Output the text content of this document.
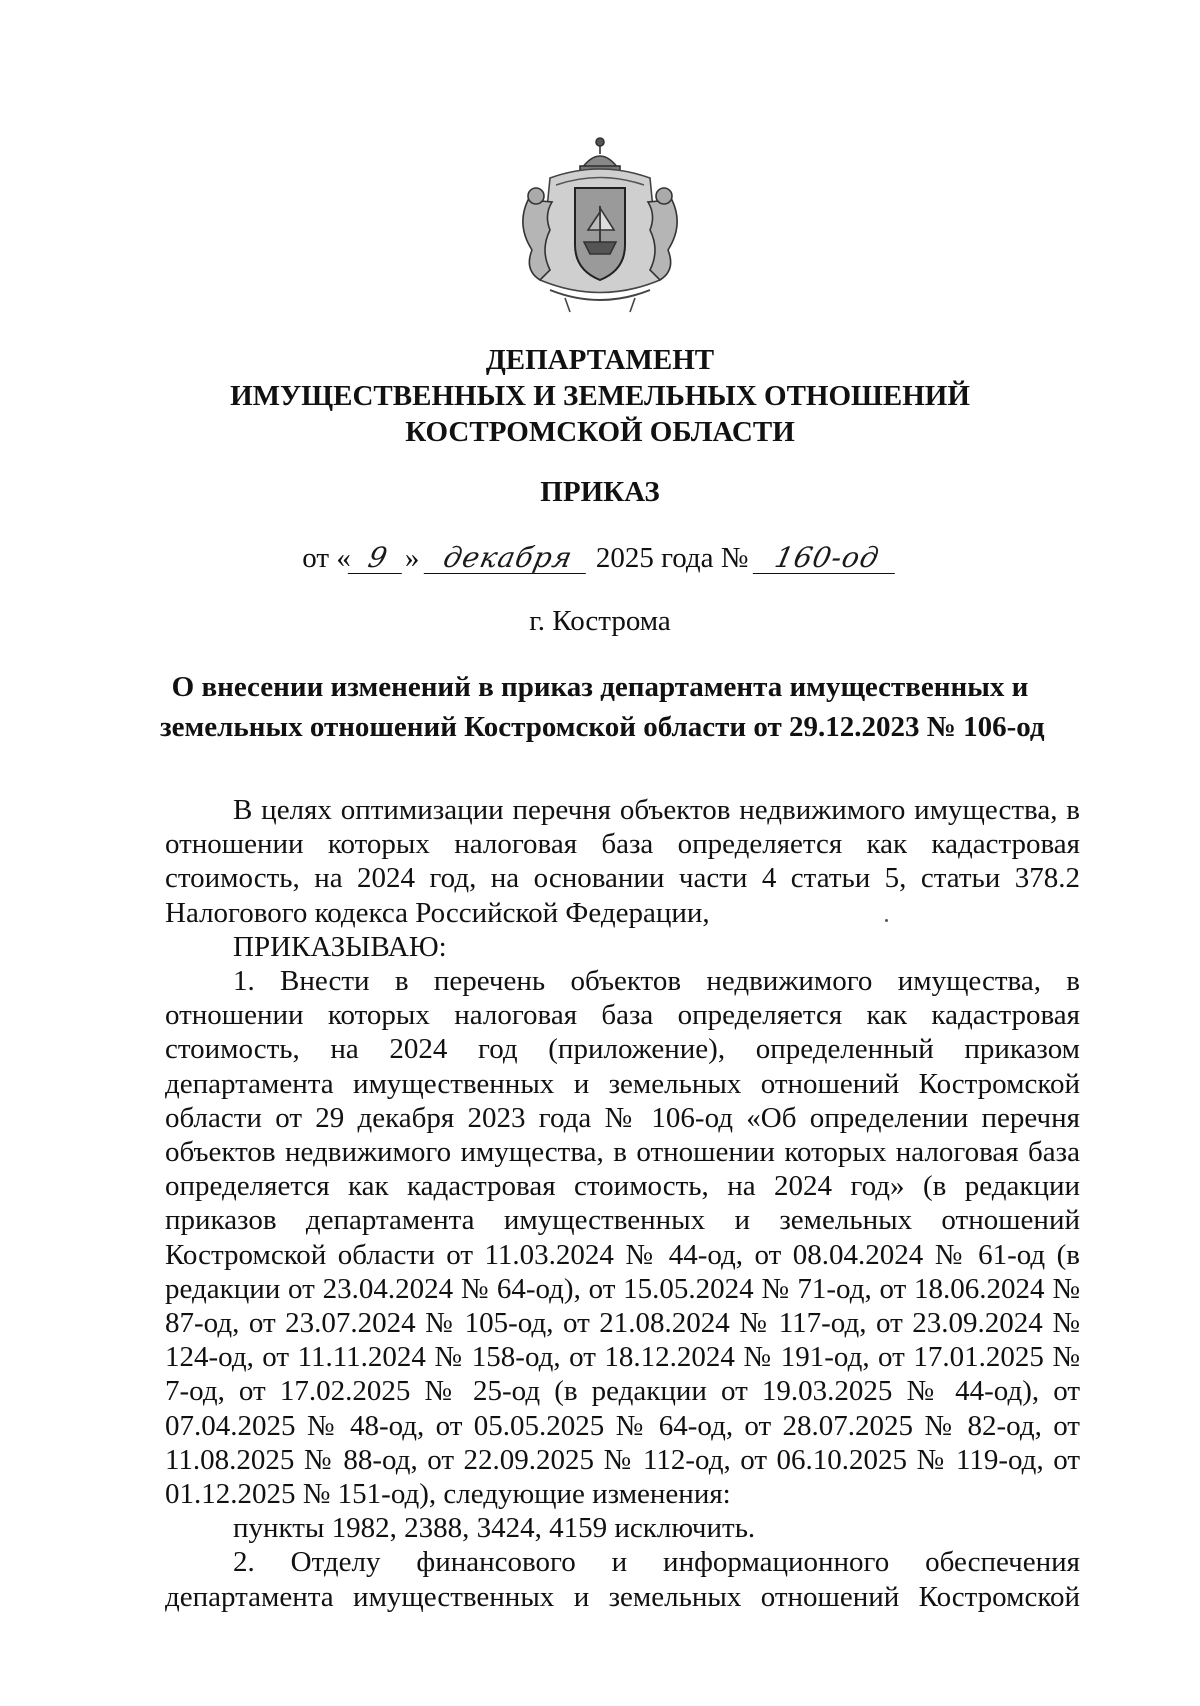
ДЕПАРТАМЕНТ
ИМУЩЕСТВЕННЫХ И ЗЕМЕЛЬНЫХ ОТНОШЕНИЙ
КОСТРОМСКОЙ ОБЛАСТИ
ПРИКАЗ
от « 9 » декабря 2025 года № 160-од
г. Кострома
О внесении изменений в приказ департамента имущественных и
земельных отношений Костромской области от 29.12.2023 № 106-од
В целях оптимизации перечня объектов недвижимого имущества, в отношении которых налоговая база определяется как кадастровая стоимость, на 2024 год, на основании части 4 статьи 5, статьи 378.2 Налогового кодекса Российской Федерации,
ПРИКАЗЫВАЮ:
1. Внести в перечень объектов недвижимого имущества, в отношении которых налоговая база определяется как кадастровая стоимость, на 2024 год (приложение), определенный приказом департамента имущественных и земельных отношений Костромской области от 29 декабря 2023 года № 106-од «Об определении перечня объектов недвижимого имущества, в отношении которых налоговая база определяется как кадастровая стоимость, на 2024 год» (в редакции приказов департамента имущественных и земельных отношений Костромской области от 11.03.2024 № 44-од, от 08.04.2024 № 61-од (в редакции от 23.04.2024 № 64-од), от 15.05.2024 № 71-од, от 18.06.2024 № 87-од, от 23.07.2024 № 105-од, от 21.08.2024 № 117-од, от 23.09.2024 № 124-од, от 11.11.2024 № 158-од, от 18.12.2024 № 191-од, от 17.01.2025 № 7-од, от 17.02.2025 № 25-од (в редакции от 19.03.2025 № 44-од), от 07.04.2025 № 48-од, от 05.05.2025 № 64-од, от 28.07.2025 № 82-од, от 11.08.2025 № 88-од, от 22.09.2025 № 112-од, от 06.10.2025 № 119-од, от 01.12.2025 № 151-од), следующие изменения:
пункты 1982, 2388, 3424, 4159 исключить.
2. Отделу финансового и информационного обеспечения департамента имущественных и земельных отношений Костромской
